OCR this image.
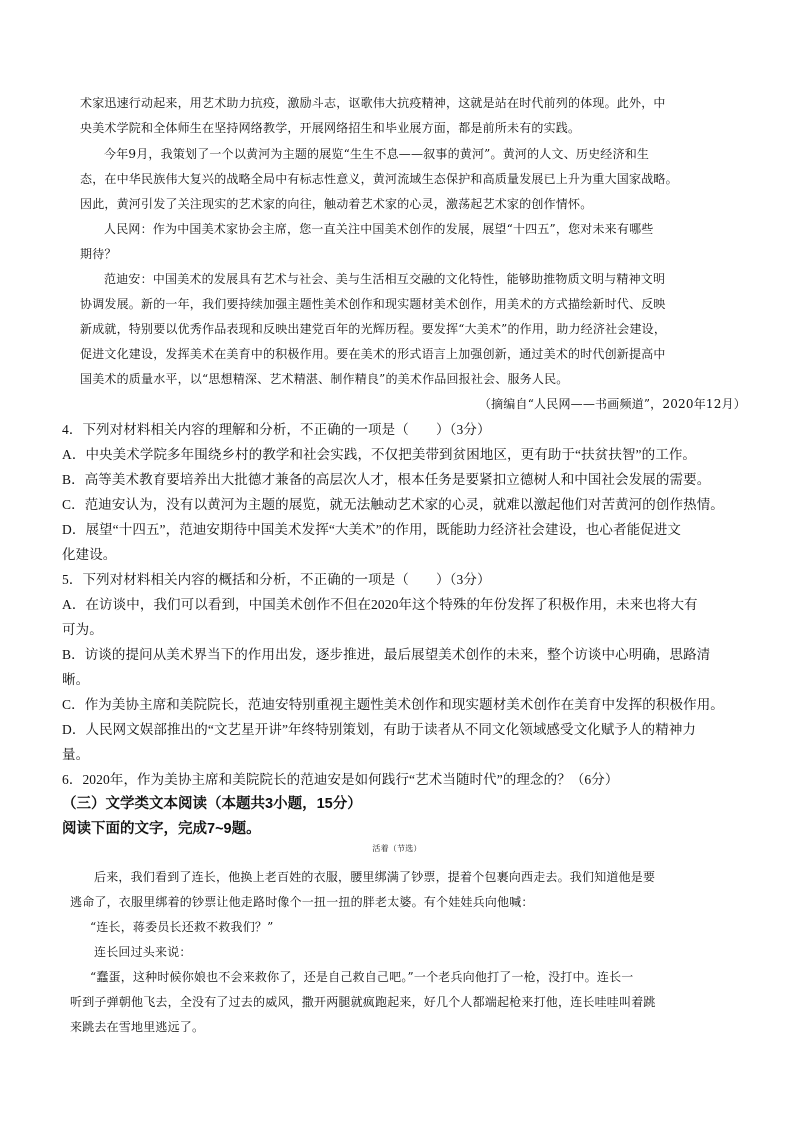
术家迅速行动起来，用艺术助力抗疫，激励斗志，讴歌伟大抗疫精神，这就是站在时代前列的体现。此外，中
央美术学院和全体师生在坚持网络教学，开展网络招生和毕业展方面，都是前所未有的实践。
今年9月，我策划了一个以黄河为主题的展览“生生不息——叙事的黄河”。黄河的人文、历史经济和生
态，在中华民族伟大复兴的战略全局中有标志性意义，黄河流域生态保护和高质量发展已上升为重大国家战略。
因此，黄河引发了关注现实的艺术家的向往，触动着艺术家的心灵，激荡起艺术家的创作情怀。
人民网：作为中国美术家协会主席，您一直关注中国美术创作的发展，展望“十四五”，您对未来有哪些
期待？
范迪安：中国美术的发展具有艺术与社会、美与生活相互交融的文化特性，能够助推物质文明与精神文明
协调发展。新的一年，我们要持续加强主题性美术创作和现实题材美术创作，用美术的方式描绘新时代、反映
新成就，特别要以优秀作品表现和反映出建党百年的光辉历程。要发挥“大美术”的作用，助力经济社会建设，
促进文化建设，发挥美术在美育中的积极作用。要在美术的形式语言上加强创新，通过美术的时代创新提高中
国美术的质量水平，以“思想精深、艺术精湛、制作精良”的美术作品回报社会、服务人民。
（摘编自“人民网——书画频道”，2020年12月）
4．下列对材料相关内容的理解和分析，不正确的一项是（　　）（3分）
A．中央美术学院多年围绕乡村的教学和社会实践，不仅把美带到贫困地区，更有助于“扶贫扶智”的工作。
B．高等美术教育要培养出大批德才兼备的高层次人才，根本任务是要紧扣立德树人和中国社会发展的需要。
C．范迪安认为，没有以黄河为主题的展览，就无法触动艺术家的心灵，就难以激起他们对苦黄河的创作热情。
D．展望“十四五”，范迪安期待中国美术发挥“大美术”的作用，既能助力经济社会建设，也心者能促进文
化建设。
5．下列对材料相关内容的概括和分析，不正确的一项是（　　）（3分）
A．在访谈中，我们可以看到，中国美术创作不但在2020年这个特殊的年份发挥了积极作用，未来也将大有
可为。
B．访谈的提问从美术界当下的作用出发，逐步推进，最后展望美术创作的未来，整个访谈中心明确，思路清
晰。
C．作为美协主席和美院院长，范迪安特别重视主题性美术创作和现实题材美术创作在美育中发挥的积极作用。
D．人民网文娱部推出的“文艺星开讲”年终特别策划，有助于读者从不同文化领域感受文化赋予人的精神力
量。
6．2020年，作为美协主席和美院院长的范迪安是如何践行“艺术当随时代”的理念的？（6分）
（三）文学类文本阅读（本题共3小题，15分）
阅读下面的文字，完成7~9题。
活着（节选）
后来，我们看到了连长，他换上老百姓的衣服，腰里绑满了钞票，提着个包裹向西走去。我们知道他是要
逃命了，衣服里绑着的钞票让他走路时像个一扭一扭的胖老太婆。有个娃娃兵向他喊：
“连长，蒋委员长还救不救我们？”
连长回过头来说：
“蠢蛋，这种时候你娘也不会来救你了，还是自己救自己吧。”一个老兵向他打了一枪，没打中。连长一
听到子弹朝他飞去，全没有了过去的威风，撒开两腿就疯跑起来，好几个人都端起枪来打他，连长哇哇叫着跳
来跳去在雪地里逃远了。
